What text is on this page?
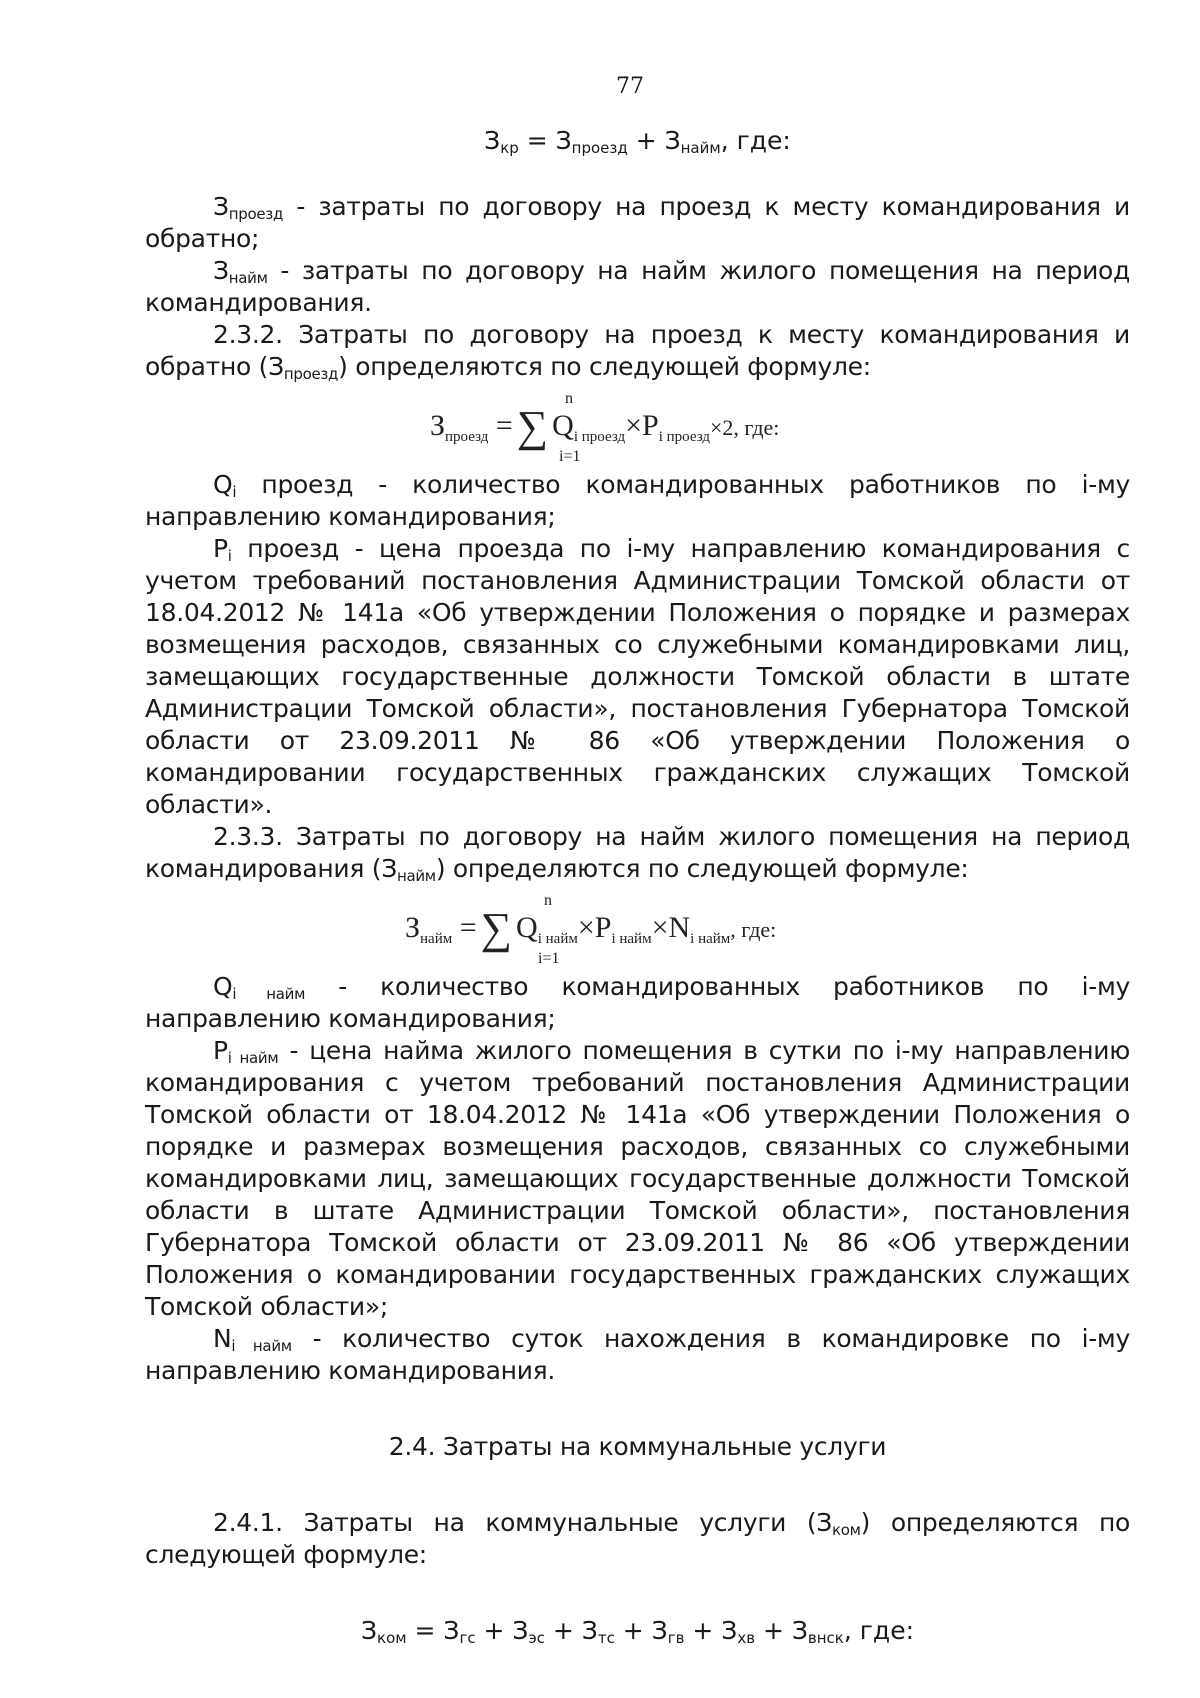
77

$З_{кр} = З_{проезд} + З_{найм}$, где:

$З_{проезд}$ - затраты по договору на проезд к месту командирования и обратно;

$З_{найм}$ - затраты по договору на найм жилого помещения на период командирования.

2.3.2. Затраты по договору на проезд к месту командирования и обратно $(З_{проезд})$ определяются по следующей формуле:

n
$З_{проезд}$ =∑ $Q_{i проезд}\times P_{i проезд}\times 2$, где:
i=1

$Q_i$ проезд - количество командированных работников по i-му направлению командирования;

$P_i$ проезд - цена проезда по i-му направлению командирования с учетом требований постановления Администрации Томской области от 18.04.2012 № 141а «Об утверждении Положения о порядке и размерах возмещения расходов, связанных со служебными командировками лиц, замещающих государственные должности Томской области в штате Администрации Томской области», постановления Губернатора Томской области от 23.09.2011 № 86 «Об утверждении Положения о командировании государственных гражданских служащих Томской области».

2.3.3. Затраты по договору на найм жилого помещения на период командирования $(З_{найм})$ определяются по следующей формуле:

n
$З_{найм}$ =∑ $Q_{i найм}\times P_{i найм}\times N_{i найм}$, где:
i=1

$Q_{i найм}$ - количество командированных работников по i-му направлению командирования;

$P_{i найм}$ - цена найма жилого помещения в сутки по i-му направлению командирования с учетом требований постановления Администрации Томской области от 18.04.2012 № 141а «Об утверждении Положения о порядке и размерах возмещения расходов, связанных со служебными командировками лиц, замещающих государственные должности Томской области в штате Администрации Томской области», постановления Губернатора Томской области от 23.09.2011 № 86 «Об утверждении Положения о командировании государственных гражданских служащих Томской области»;

$N_{i найм}$ - количество суток нахождения в командировке по i-му направлению командирования.

2.4. Затраты на коммунальные услуги

2.4.1. Затраты на коммунальные услуги $(З_{ком})$ определяются по следующей формуле:

$З_{ком} = З_{гс} + З_{эс} + З_{тс} + З_{гв} + З_{хв} + З_{внск}$, где:
